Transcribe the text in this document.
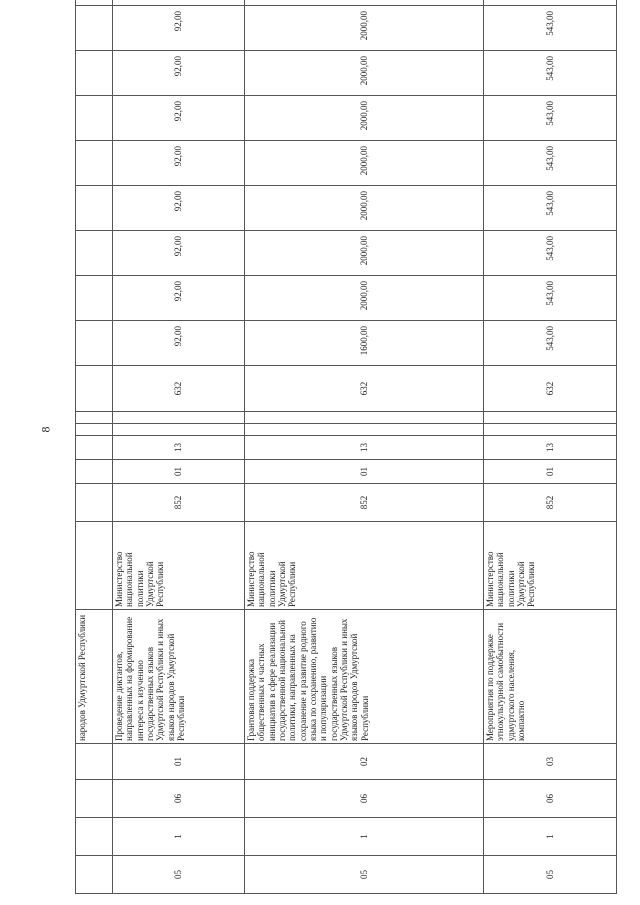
8
				народов Удмуртской Республики																
05	1	06	01	Проведение диктантов, направленных на формирование интереса к изучению государственных языков Удмуртской Республики и иных языков народов Удмуртской Республики	Министерство национальной политики Удмуртской Республики	852	01	13			632	92,00	92,00	92,00	92,00	92,00	92,00	92,00	92,00	
05	1	06	02	Грантовая поддержка общественных и частных инициатив в сфере реализации государственной национальной политики, направленных на сохранение и развитие родного языка по сохранению, развитию и популяризации государственных языков Удмуртской Республики и иных языков народов Удмуртской Республики	Министерство национальной политики Удмуртской Республики	852	01	13			632	1600,00	2000,00	2000,00	2000,00	2000,00	2000,00	2000,00	2000,00	
05	1	06	03	Мероприятия по поддержке этнокультурной самобытности удмуртского населения, компактно	Министерство национальной политики Удмуртской Республики	852	01	13			632	543,00	543,00	543,00	543,00	543,00	543,00	543,00	543,00	
